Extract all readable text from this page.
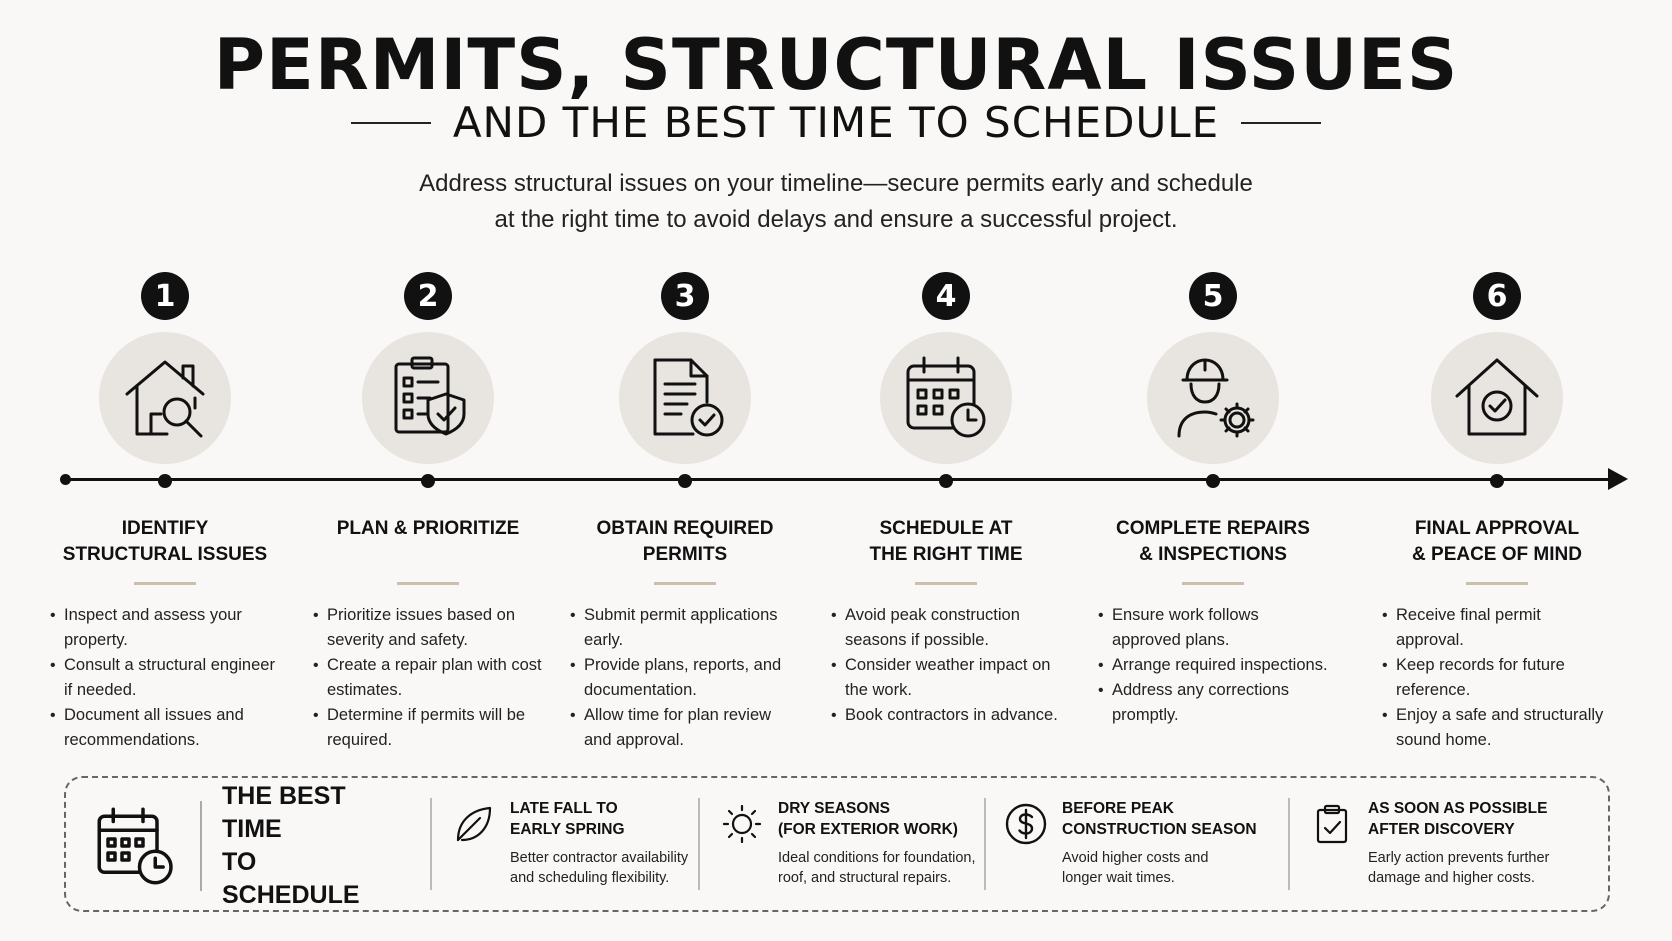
PERMITS, STRUCTURAL ISSUES
AND THE BEST TIME TO SCHEDULE
Address structural issues on your timeline—secure permits early and schedule
at the right time to avoid delays and ensure a successful project.
1
IDENTIFY
STRUCTURAL ISSUES
• Inspect and assess your property.
• Consult a structural engineer if needed.
• Document all issues and recommendations.
2
PLAN & PRIORITIZE

• Prioritize issues based on severity and safety.
• Create a repair plan with cost estimates.
• Determine if permits will be required.
3
OBTAIN REQUIRED
PERMITS
• Submit permit applications early.
• Provide plans, reports, and documentation.
• Allow time for plan review and approval.
4
SCHEDULE AT
THE RIGHT TIME
• Avoid peak construction seasons if possible.
• Consider weather impact on the work.
• Book contractors in advance.
5
COMPLETE REPAIRS
& INSPECTIONS
• Ensure work follows approved plans.
• Arrange required inspections.
• Address any corrections promptly.
6
FINAL APPROVAL
& PEACE OF MIND
• Receive final permit approval.
• Keep records for future reference.
• Enjoy a safe and structurally sound home.
THE BEST TIME
TO SCHEDULE
LATE FALL TO
EARLY SPRING
Better contractor availability
and scheduling flexibility.
DRY SEASONS
(FOR EXTERIOR WORK)
Ideal conditions for foundation,
roof, and structural repairs.
BEFORE PEAK
CONSTRUCTION SEASON
Avoid higher costs and
longer wait times.
AS SOON AS POSSIBLE
AFTER DISCOVERY
Early action prevents further
damage and higher costs.
